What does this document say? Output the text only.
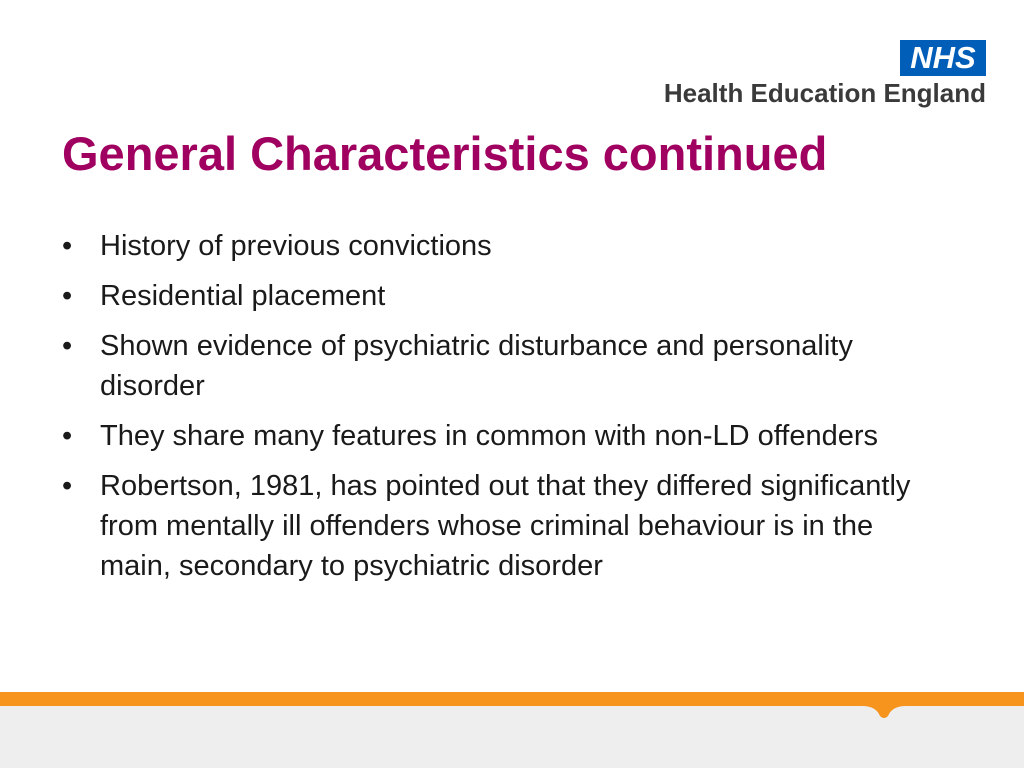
NHS
Health Education England
General Characteristics continued
• History of previous convictions
• Residential placement
• Shown evidence of psychiatric disturbance and personality disorder
• They share many features in common with non-LD offenders
• Robertson, 1981, has pointed out that they differed significantly from mentally ill offenders whose criminal behaviour is in the main, secondary to psychiatric disorder
